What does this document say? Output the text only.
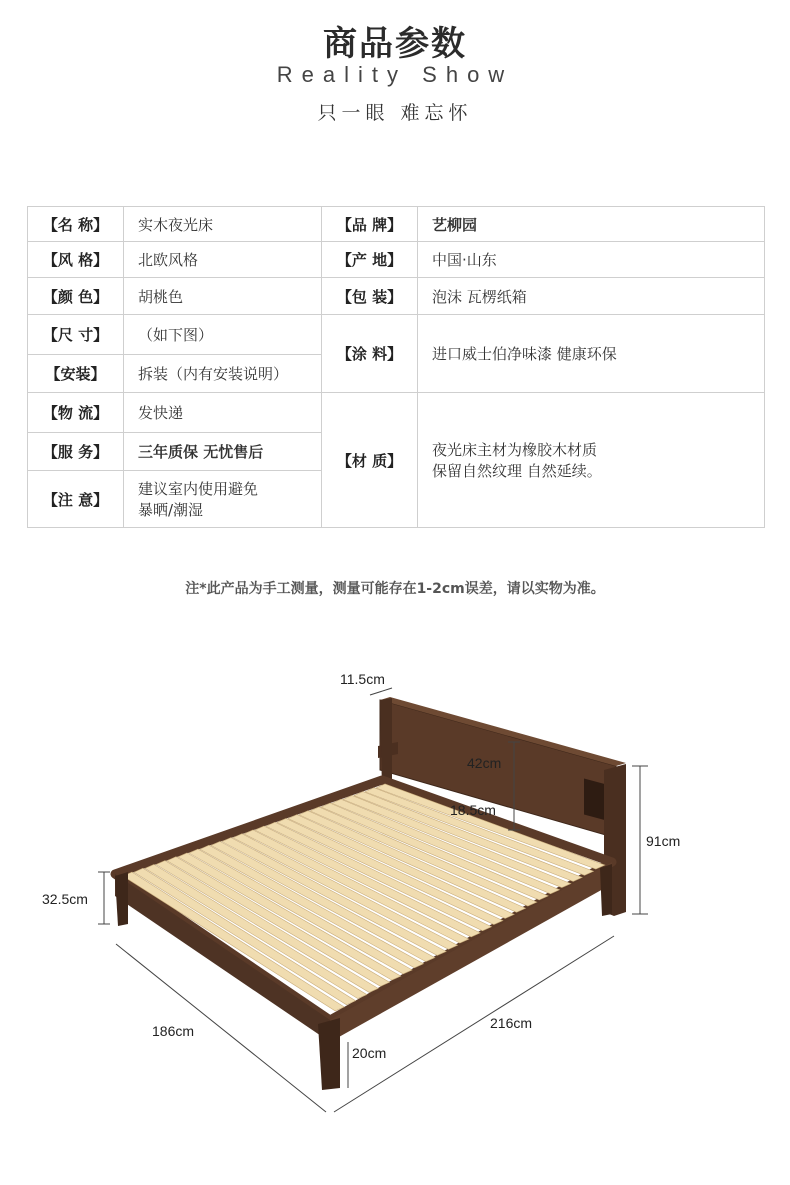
商品参数
Reality Show
只一眼 难忘怀
【名 称】	实木夜光床	【品 牌】	艺柳园
【风 格】	北欧风格	【产 地】	中国·山东
【颜 色】	胡桃色	【包 装】	泡沫 瓦楞纸箱
【尺 寸】	（如下图）	【涂 料】	进口威士伯净味漆 健康环保
【安装】	拆装（内有安装说明）		
【物 流】	发快递	【材 质】	夜光床主材为橡胶木材质
保留自然纹理 自然延续。

【服 务】	三年质保 无忧售后		
【注 意】	建议室内使用避免
暴晒/潮湿		
注*此产品为手工测量，测量可能存在1-2cm误差，请以实物为准。
11.5cm
42cm
18.5cm
91cm
32.5cm
186cm	216cm
20cm
